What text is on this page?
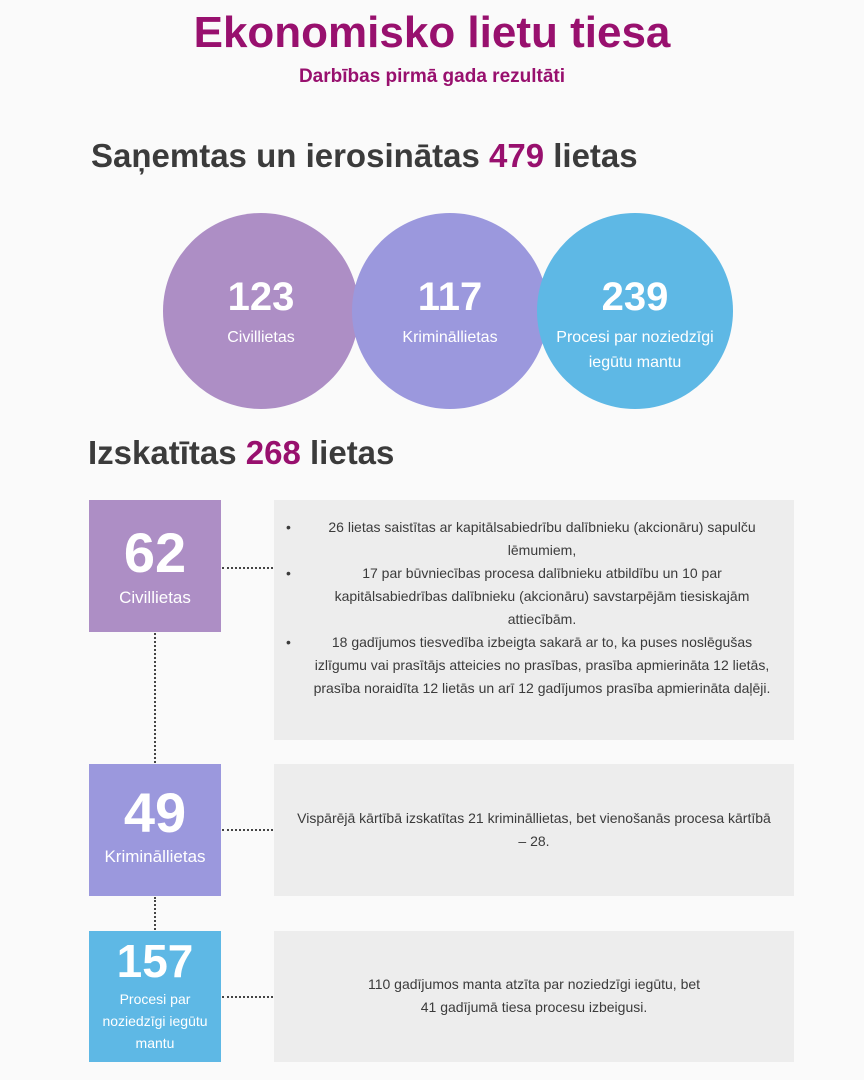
Ekonomisko lietu tiesa
Darbības pirmā gada rezultāti
Saņemtas un ierosinātas 479 lietas
123
Civillietas
117
Krimināllietas
239
Procesi par noziedzīgi iegūtu mantu
Izskatītas 268 lietas
62
Civillietas
•	26 lietas saistītas ar kapitālsabiedrību dalībnieku (akcionāru) sapulču lēmumiem,
•	17 par būvniecības procesa dalībnieku atbildību un 10 par kapitālsabiedrības dalībnieku (akcionāru) savstarpējām tiesiskajām attiecībām.
•	18 gadījumos tiesvedība izbeigta sakarā ar to, ka puses noslēgušas izlīgumu vai prasītājs atteicies no prasības, prasība apmierināta 12 lietās, prasība noraidīta 12 lietās un arī 12 gadījumos prasība apmierināta daļēji.
49
Krimināllietas
Vispārējā kārtībā izskatītas 21 krimināllietas, bet vienošanās procesa kārtībā – 28.
157
Procesi par noziedzīgi iegūtu mantu
110 gadījumos manta atzīta par noziedzīgi iegūtu, bet
41 gadījumā tiesa procesu izbeigusi.
